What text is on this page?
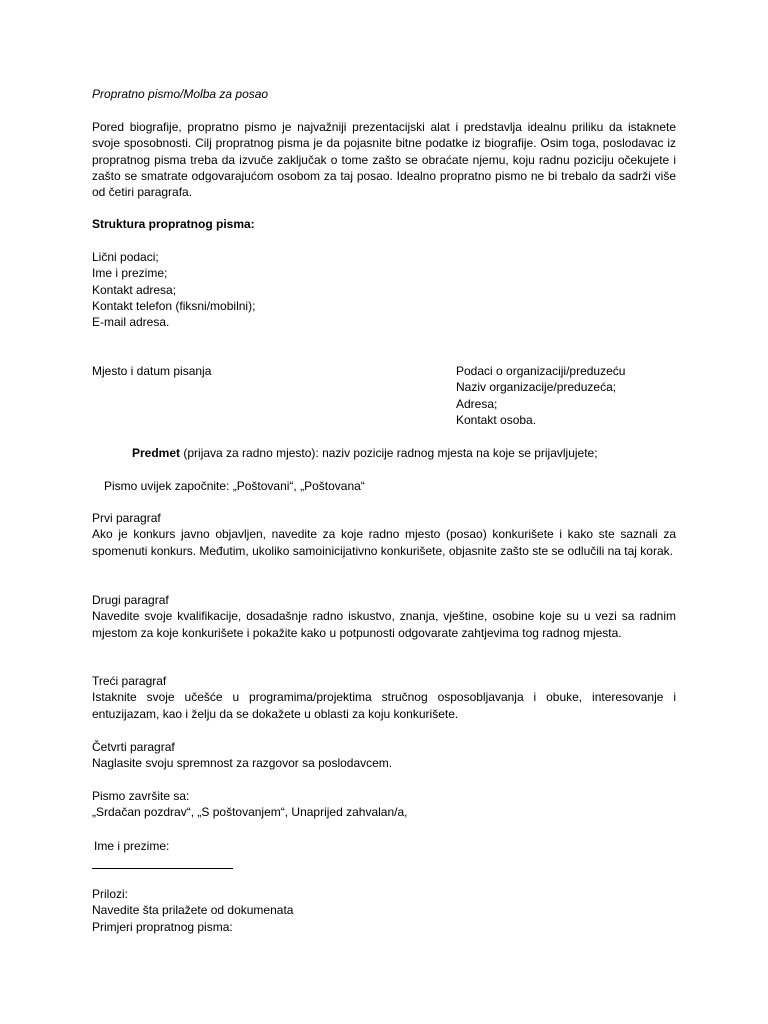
Propratno pismo/Molba za posao

Pored biografije, propratno pismo je najvažniji prezentacijski alat i predstavlja idealnu priliku da istaknete svoje sposobnosti. Cilj propratnog pisma je da pojasnite bitne podatke iz biografije. Osim toga, poslodavac iz propratnog pisma treba da izvuče zaključak o tome zašto se obraćate njemu, koju radnu poziciju očekujete i zašto se smatrate odgovarajućom osobom za taj posao. Idealno propratno pismo ne bi trebalo da sadrži više od četiri paragrafa.

Struktura propratnog pisma:

Lični podaci;
Ime i prezime;
Kontakt adresa;
Kontakt telefon (fiksni/mobilni);
E-mail adresa.

Mjesto i datum pisanja	Podaci o organizaciji/preduzeću
Naziv organizacije/preduzeća;
Adresa;
Kontakt osoba.

Predmet (prijava za radno mjesto): naziv pozicije radnog mjesta na koje se prijavljujete;

Pismo uvijek započnite: „Poštovani“, „Poštovana“

Prvi paragraf
Ako je konkurs javno objavljen, navedite za koje radno mjesto (posao) konkurišete i kako ste saznali za spomenuti konkurs. Međutim, ukoliko samoinicijativno konkurišete, objasnite zašto ste se odlučili na taj korak.
Drugi paragraf
Navedite svoje kvalifikacije, dosadašnje radno iskustvo, znanja, vještine, osobine koje su u vezi sa radnim mjestom za koje konkurišete i pokažite kako u potpunosti odgovarate zahtjevima tog radnog mjesta.
Treći paragraf
Istaknite svoje učešće u programima/projektima stručnog osposobljavanja i obuke, interesovanje i entuzijazam, kao i želju da se dokažete u oblasti za koju konkurišete.
Četvrti paragraf
Naglasite svoju spremnost za razgovor sa poslodavcem.
Pismo završite sa:
„Srdačan pozdrav“, „S poštovanjem“, Unaprijed zahvalan/a,
Ime i prezime:
Prilozi:
Navedite šta prilažete od dokumenata
Primjeri propratnog pisma:
